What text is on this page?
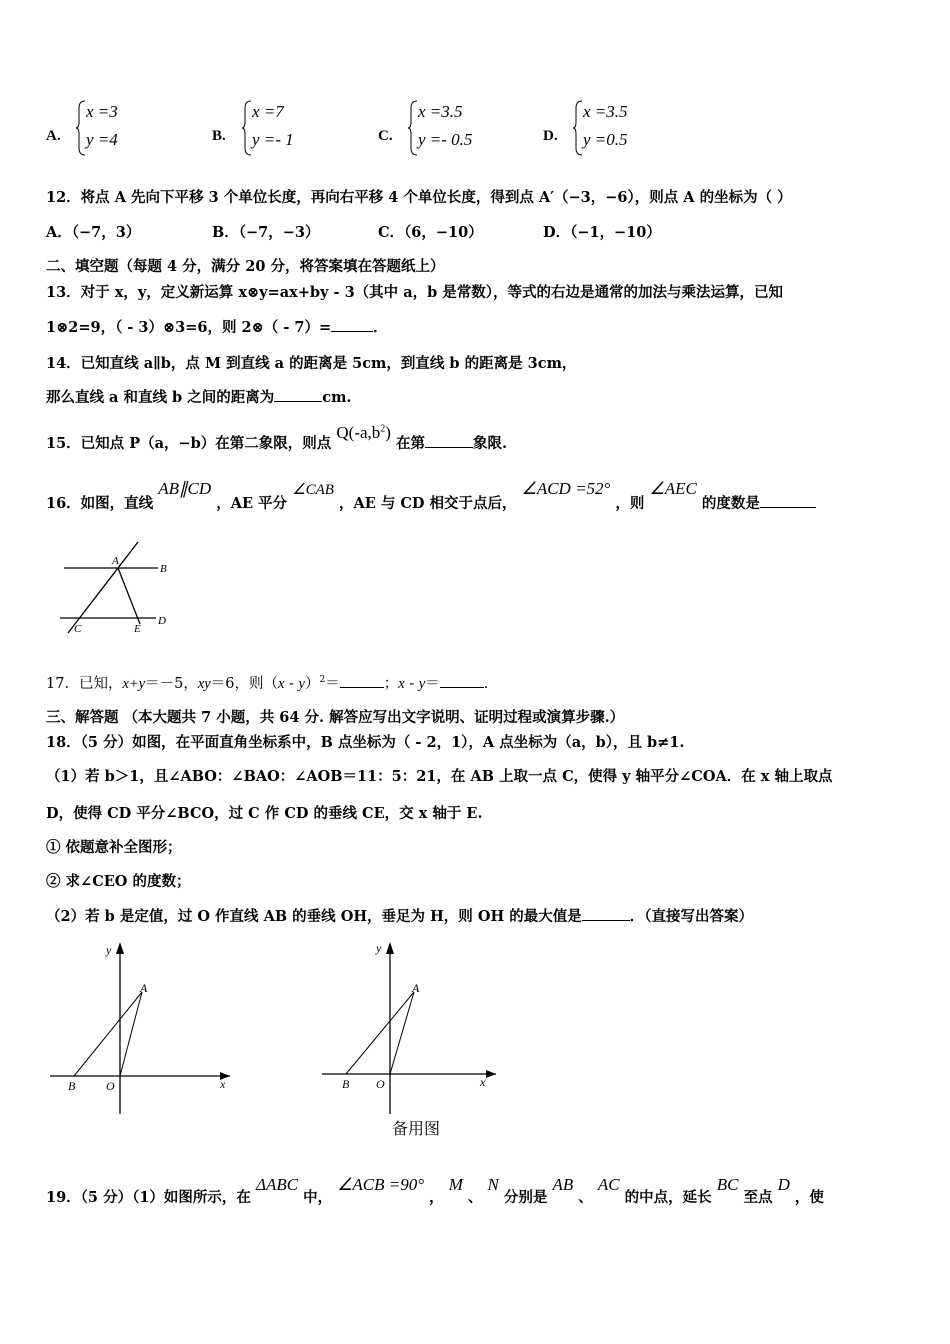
A.
x =3
y =4	B.
x =7
y =- 1	C.
x =3.5
y =- 0.5	D.
x =3.5
y =0.5
12．将点 A 先向下平移 3 个单位长度，再向右平移 4 个单位长度，得到点 A′（−3，−6），则点 A 的坐标为（ ）
A．（−7，3）	B．（−7，−3）	C．（6，−10）	D．（−1，−10）
二、填空题（每题 4 分，满分 20 分，将答案填在答题纸上）
13．对于 x，y，定义新运算 x⊗y=ax+by - 3（其中 a，b 是常数），等式的右边是通常的加法与乘法运算，已知
1⊗2=9，（ - 3）⊗3=6，则 2⊗（ - 7）=	．
14．已知直线 a∥b，点 M 到直线 a 的距离是 5cm，到直线 b 的距离是 3cm，
那么直线 a 和直线 b 之间的距离为	cm.
15．已知点 P（a，−b）在第二象限，则点 $Q(-a,b^2)$ 在第	象限.
16．如图，直线 AB∥CD ，AE 平分 ∠CAB ，AE 与 CD 相交于点后， ∠ACD =52° ，则 ∠AEC 的度数是
A
B
C	E
D
17．已知，x+y＝－5，xy＝6，则（x - y）$^2$＝	；x - y＝	.
三、解答题 （本大题共 7 小题，共 64 分. 解答应写出文字说明、证明过程或演算步骤.）
18．（5 分）如图，在平面直角坐标系中，B 点坐标为（ - 2，1），A 点坐标为（a，b），且 b≠1.
（1）若 b＞1，且∠ABO：∠BAO：∠AOB＝11：5：21，在 AB 上取一点 C，使得 y 轴平分∠COA．在 x 轴上取点
D，使得 CD 平分∠BCO，过 C 作 CD 的垂线 CE，交 x 轴于 E.
① 依题意补全图形；
② 求∠CEO 的度数；
（2）若 b 是定值，过 O 作直线 AB 的垂线 OH，垂足为 H，则 OH 的最大值是	．（直接写出答案）
y
x
A
B	O
y
x
A
B O
备用图
19．（5 分）（1）如图所示，在 ΔABC 中， ∠ACB =90° ， M 、 N 分别是 AB 、 AC 的中点，延长 BC 至点 D ，使
